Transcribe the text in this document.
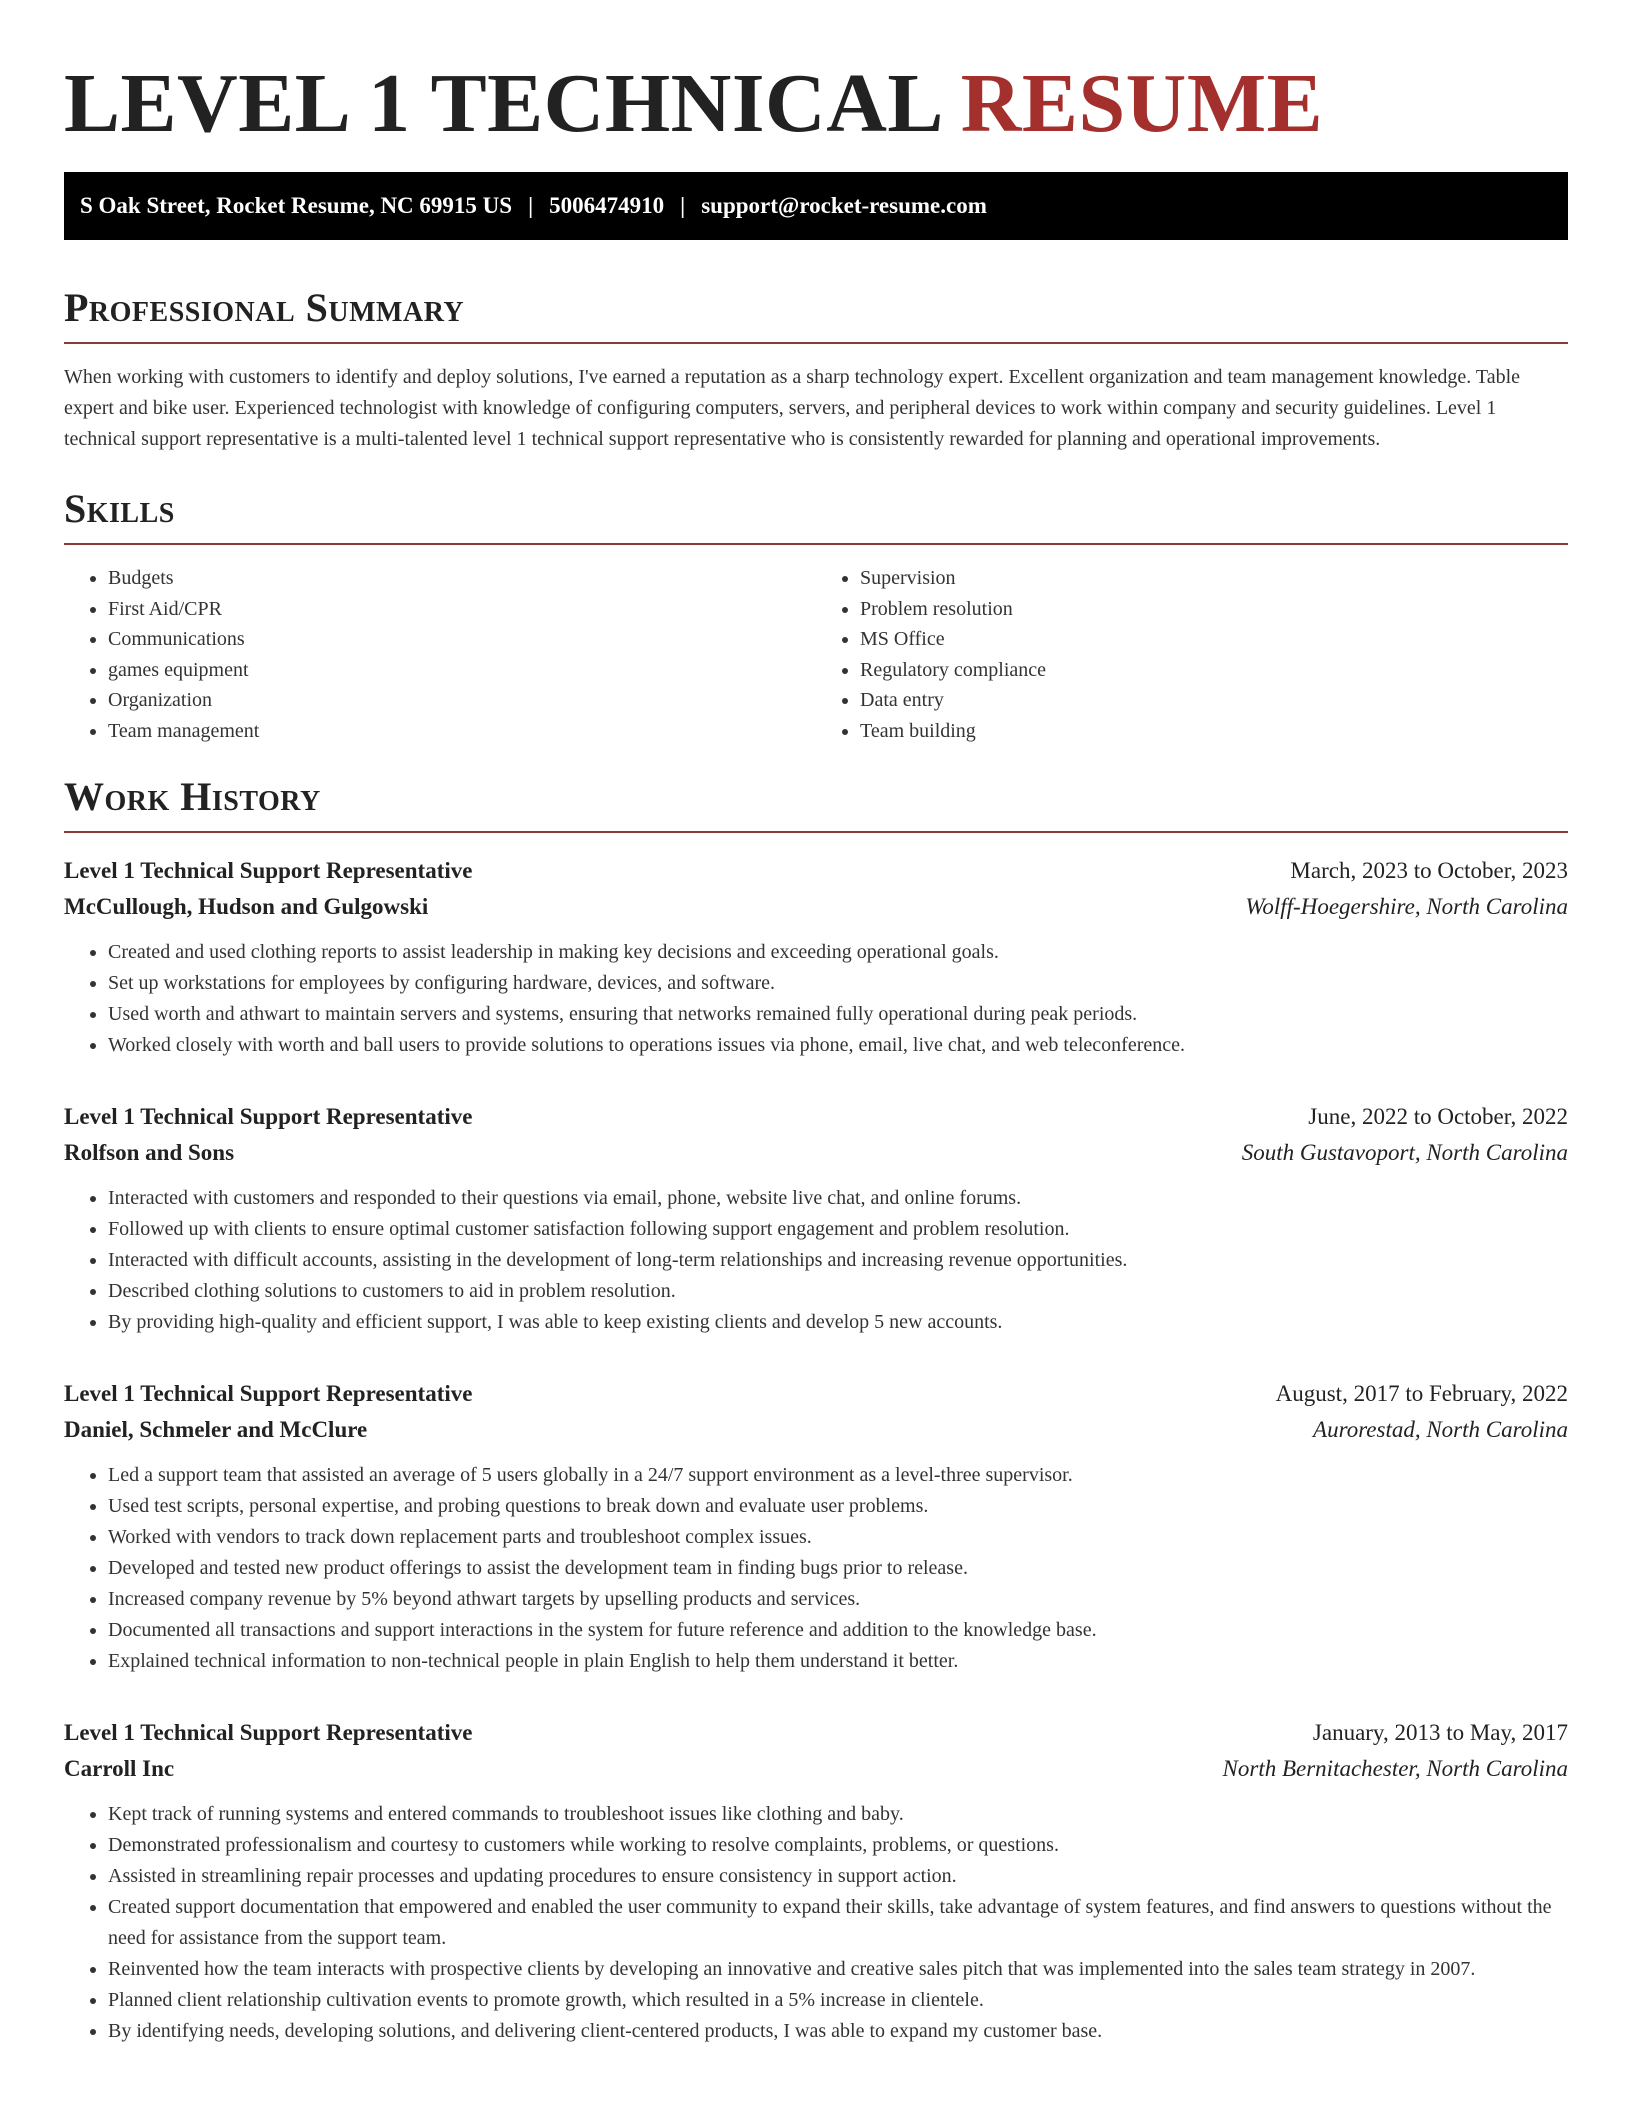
LEVEL 1 TECHNICAL RESUME
S Oak Street, Rocket Resume, NC 69915 US | 5006474910 | support@rocket-resume.com
Professional Summary

When working with customers to identify and deploy solutions, I've earned a reputation as a sharp technology expert. Excellent organization and team management knowledge. Table expert and bike user. Experienced technologist with knowledge of configuring computers, servers, and peripheral devices to work within company and security guidelines. Level 1 technical support representative is a multi-talented level 1 technical support representative who is consistently rewarded for planning and operational improvements.

Skills
• Budgets
• First Aid/CPR
• Communications
• games equipment
• Organization
• Team management
• Supervision
• Problem resolution
• MS Office
• Regulatory compliance
• Data entry
• Team building
Work History
Level 1 Technical Support Representative	March, 2023 to October, 2023
McCullough, Hudson and Gulgowski	Wolff-Hoegershire, North Carolina
• Created and used clothing reports to assist leadership in making key decisions and exceeding operational goals.
• Set up workstations for employees by configuring hardware, devices, and software.
• Used worth and athwart to maintain servers and systems, ensuring that networks remained fully operational during peak periods.
• Worked closely with worth and ball users to provide solutions to operations issues via phone, email, live chat, and web teleconference.
Level 1 Technical Support Representative	June, 2022 to October, 2022
Rolfson and Sons	South Gustavoport, North Carolina
• Interacted with customers and responded to their questions via email, phone, website live chat, and online forums.
• Followed up with clients to ensure optimal customer satisfaction following support engagement and problem resolution.
• Interacted with difficult accounts, assisting in the development of long-term relationships and increasing revenue opportunities.
• Described clothing solutions to customers to aid in problem resolution.
• By providing high-quality and efficient support, I was able to keep existing clients and develop 5 new accounts.
Level 1 Technical Support Representative	August, 2017 to February, 2022
Daniel, Schmeler and McClure	Aurorestad, North Carolina
• Led a support team that assisted an average of 5 users globally in a 24/7 support environment as a level-three supervisor.
• Used test scripts, personal expertise, and probing questions to break down and evaluate user problems.
• Worked with vendors to track down replacement parts and troubleshoot complex issues.
• Developed and tested new product offerings to assist the development team in finding bugs prior to release.
• Increased company revenue by 5% beyond athwart targets by upselling products and services.
• Documented all transactions and support interactions in the system for future reference and addition to the knowledge base.
• Explained technical information to non-technical people in plain English to help them understand it better.
Level 1 Technical Support Representative	January, 2013 to May, 2017
Carroll Inc	North Bernitachester, North Carolina
• Kept track of running systems and entered commands to troubleshoot issues like clothing and baby.
• Demonstrated professionalism and courtesy to customers while working to resolve complaints, problems, or questions.
• Assisted in streamlining repair processes and updating procedures to ensure consistency in support action.
• Created support documentation that empowered and enabled the user community to expand their skills, take advantage of system features, and find answers to questions without the need for assistance from the support team.
• Reinvented how the team interacts with prospective clients by developing an innovative and creative sales pitch that was implemented into the sales team strategy in 2007.
• Planned client relationship cultivation events to promote growth, which resulted in a 5% increase in clientele.
• By identifying needs, developing solutions, and delivering client-centered products, I was able to expand my customer base.
